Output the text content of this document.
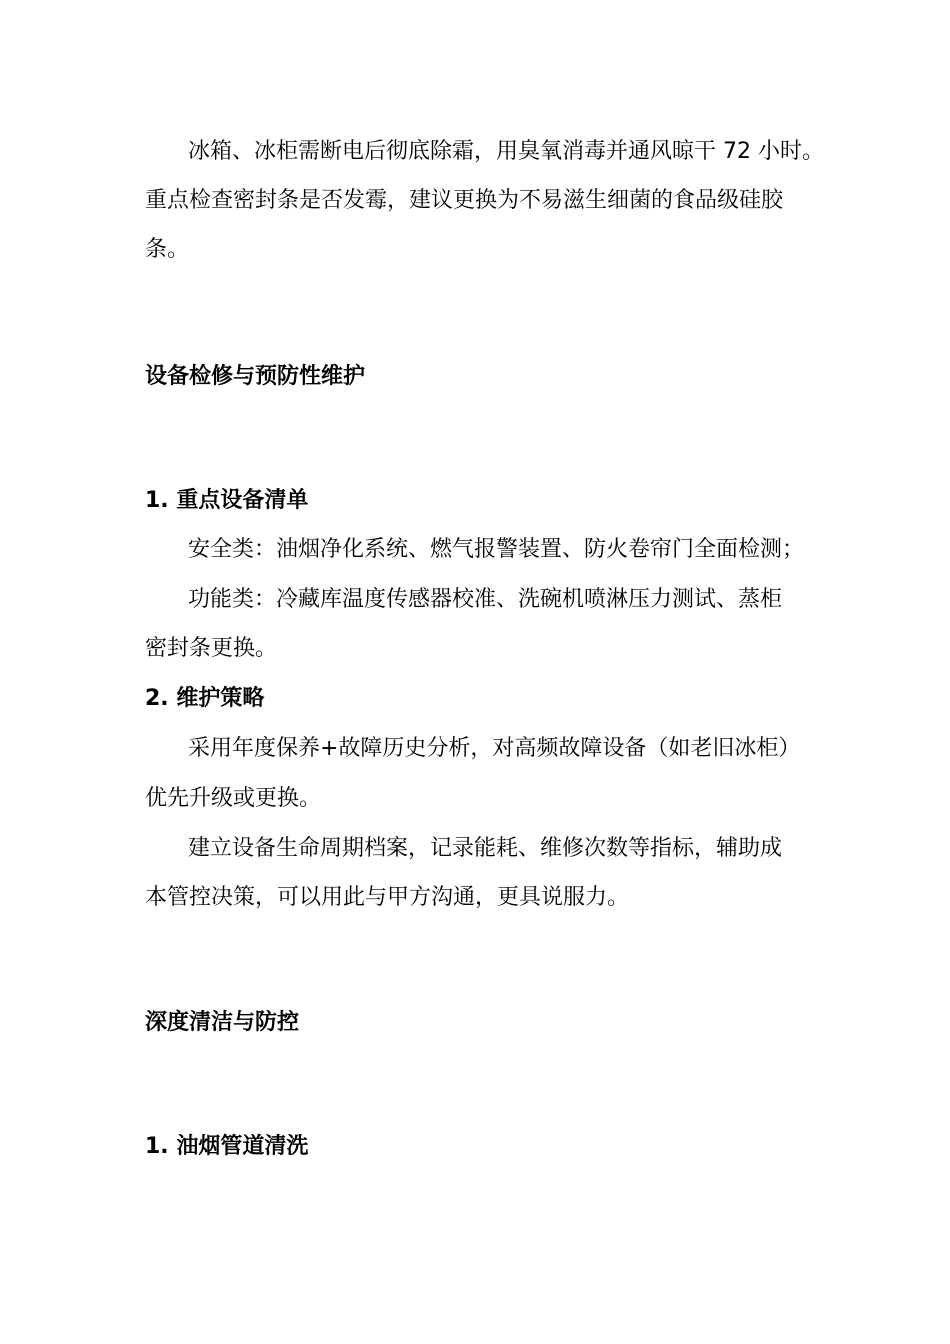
冰箱、冰柜需断电后彻底除霜，用臭氧消毒并通风晾干 72 小时。
重点检查密封条是否发霉，建议更换为不易滋生细菌的食品级硅胶
条。
设备检修与预防性维护
1. 重点设备清单
安全类：油烟净化系统、燃气报警装置、防火卷帘门全面检测；
功能类：冷藏库温度传感器校准、洗碗机喷淋压力测试、蒸柜
密封条更换。
2. 维护策略
采用年度保养+故障历史分析，对高频故障设备（如老旧冰柜）
优先升级或更换。
建立设备生命周期档案，记录能耗、维修次数等指标，辅助成
本管控决策，可以用此与甲方沟通，更具说服力。
深度清洁与防控
1. 油烟管道清洗
